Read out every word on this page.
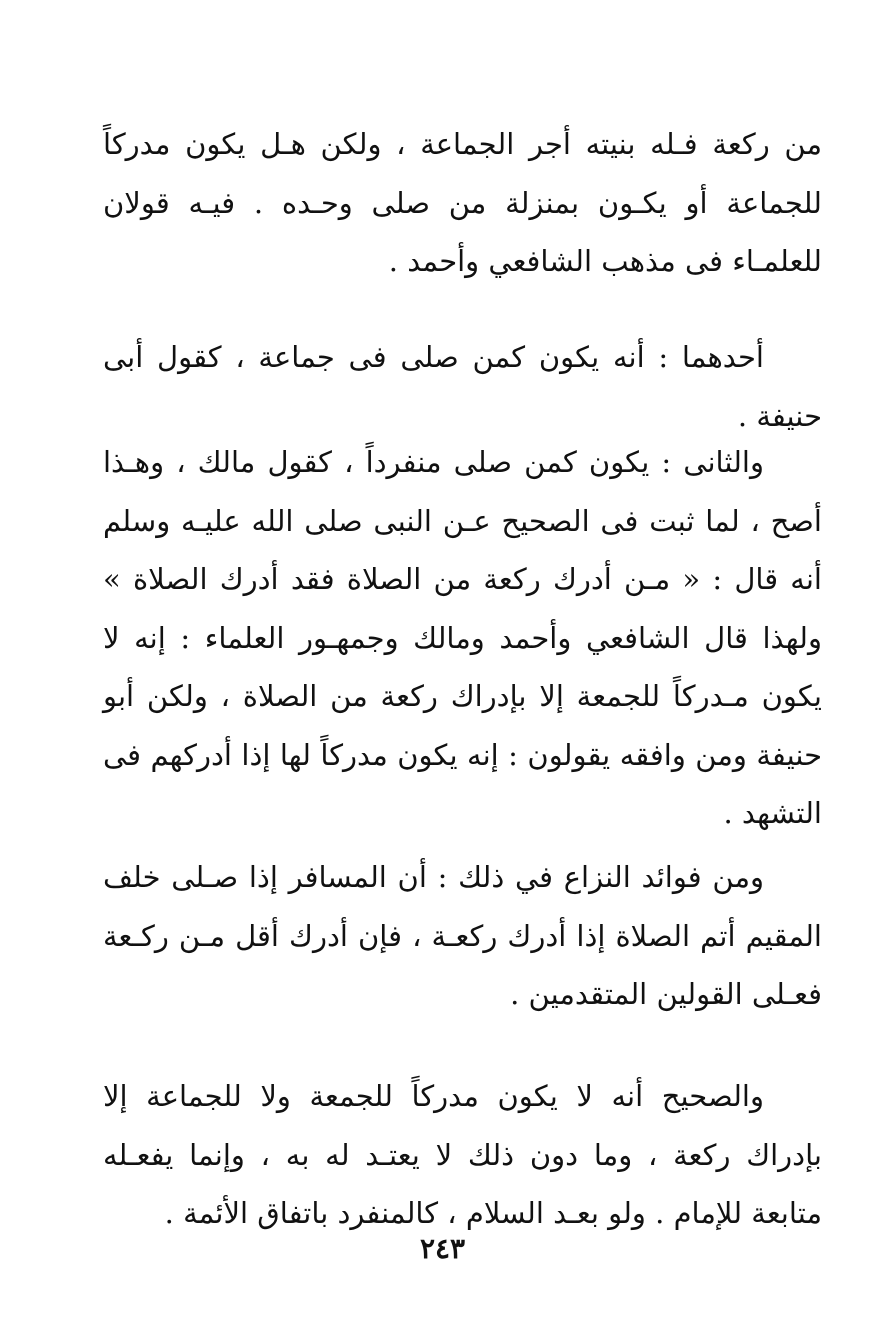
من ركعة فـله بنيته أجر الجماعة ، ولكن هـل يكون مدركاً للجماعة أو يكـون بمنزلة من صلى وحـده . فيـه قولان للعلمـاء فى مذهب الشافعي وأحمد .

أحدهما : أنه يكون كمن صلى فى جماعة ، كقول أبى حنيفة .

والثانى : يكون كمن صلى منفرداً ، كقول مالك ، وهـذا أصح ، لما ثبت فى الصحيح عـن النبى صلى الله عليـه وسلم أنه قال : « مـن أدرك ركعة من الصلاة فقد أدرك الصلاة » ولهذا قال الشافعي وأحمد ومالك وجمهـور العلماء : إنه لا يكون مـدركاً للجمعة إلا بإدراك ركعة من الصلاة ، ولكن أبو حنيفة ومن وافقه يقولون : إنه يكون مدركاً لها إذا أدركهم فى التشهد .

ومن فوائد النزاع في ذلك : أن المسافر إذا صـلى خلف المقيم أتم الصلاة إذا أدرك ركعـة ، فإن أدرك أقل مـن ركـعة فعـلى القولين المتقدمين .

والصحيح أنه لا يكون مدركاً للجمعة ولا للجماعة إلا بإدراك ركعة ، وما دون ذلك لا يعتـد له به ، وإنما يفعـله متابعة للإمام . ولو بعـد السلام ، كالمنفرد باتفاق الأئمة .

٢٤٣
